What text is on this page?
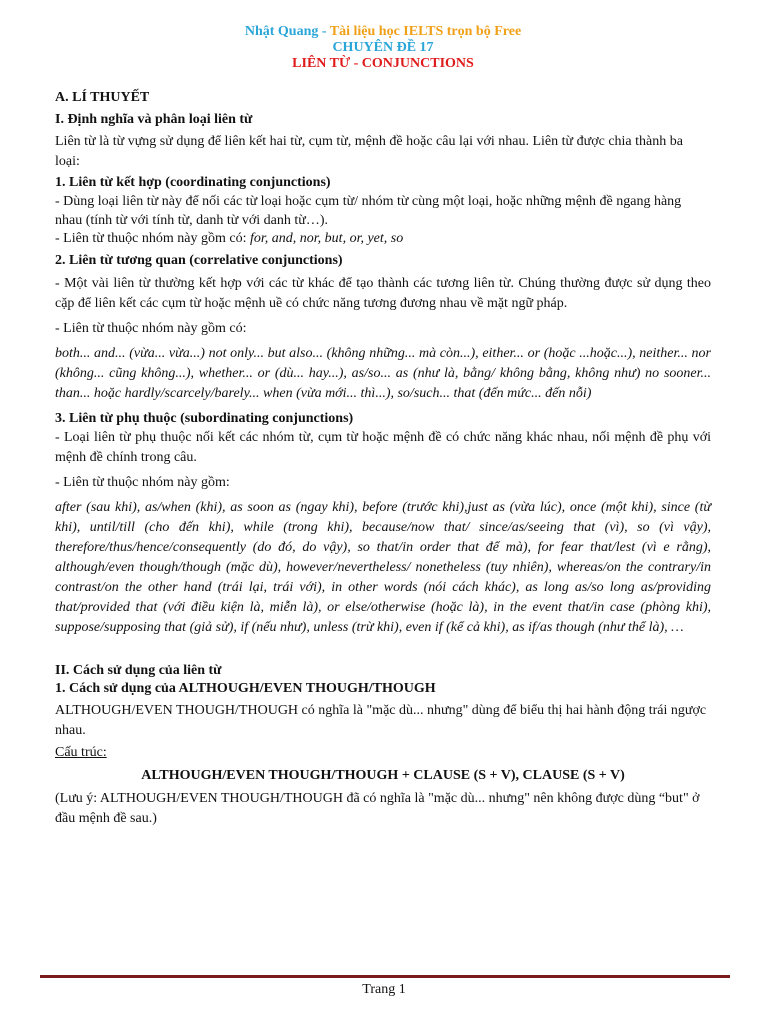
Nhật Quang - Tài liệu học IELTS trọn bộ Free
CHUYÊN ĐỀ 17
LIÊN TỪ - CONJUNCTIONS

A. LÍ THUYẾT

I. Định nghĩa và phân loại liên từ

Liên từ là từ vựng sử dụng để liên kết hai từ, cụm từ, mệnh đề hoặc câu lại với nhau. Liên từ được chia thành ba loại:

1. Liên từ kết hợp (coordinating conjunctions)

- Dùng loại liên từ này để nối các từ loại hoặc cụm từ/ nhóm từ cùng một loại, hoặc những mệnh đề ngang hàng nhau (tính từ với tính từ, danh từ với danh từ…).

- Liên từ thuộc nhóm này gồm có: for, and, nor, but, or, yet, so

2. Liên từ tương quan (correlative conjunctions)

- Một vài liên từ thường kết hợp với các từ khác để tạo thành các tương liên từ. Chúng thường được sử dụng theo cặp để liên kết các cụm từ hoặc mệnh uề có chức năng tương đương nhau về mặt ngữ pháp.

- Liên từ thuộc nhóm này gồm có:

both... and... (vừa... vừa...) not only... but also... (không những... mà còn...), either... or (hoặc ...hoặc...), neither... nor (không... cũng không...), whether... or (dù... hay...), as/so... as (như là, bằng/ không bằng, không như) no sooner... than... hoặc hardly/scarcely/barely... when (vừa mới... thì...), so/such... that (đến mức... đến nỗi)

3. Liên từ phụ thuộc (subordinating conjunctions)

- Loại liên từ phụ thuộc nối kết các nhóm từ, cụm từ hoặc mệnh đề có chức năng khác nhau, nối mệnh đề phụ với mệnh đề chính trong câu.

- Liên từ thuộc nhóm này gồm:

after (sau khi), as/when (khi), as soon as (ngay khi), before (trước khi),just as (vừa lúc), once (một khi), since (từ khi), until/till (cho đến khi), while (trong khi), because/now that/ since/as/seeing that (vì), so (vì vậy), therefore/thus/hence/consequently (do đó, do vậy), so that/in order that để mà), for fear that/lest (vì e rằng), although/even though/though (mặc dù), however/nevertheless/ nonetheless (tuy nhiên), whereas/on the contrary/in contrast/on the other hand (trái lại, trái với), in other words (nói cách khác), as long as/so long as/providing that/provided that (với điều kiện là, miễn là), or else/otherwise (hoặc là), in the event that/in case (phòng khi), suppose/supposing that (giả sử), if (nếu như), unless (trừ khi), even if (kể cả khi), as if/as though (như thể là), …

II. Cách sử dụng của liên từ

1. Cách sử dụng của ALTHOUGH/EVEN THOUGH/THOUGH

ALTHOUGH/EVEN THOUGH/THOUGH có nghĩa là "mặc dù... nhưng" dùng để biểu thị hai hành động trái ngược nhau.

Cấu trúc:

ALTHOUGH/EVEN THOUGH/THOUGH + CLAUSE (S + V), CLAUSE (S + V)

(Lưu ý: ALTHOUGH/EVEN THOUGH/THOUGH đã có nghĩa là "mặc dù... nhưng" nên không được dùng “but" ở đầu mệnh đề sau.)

Trang 1
